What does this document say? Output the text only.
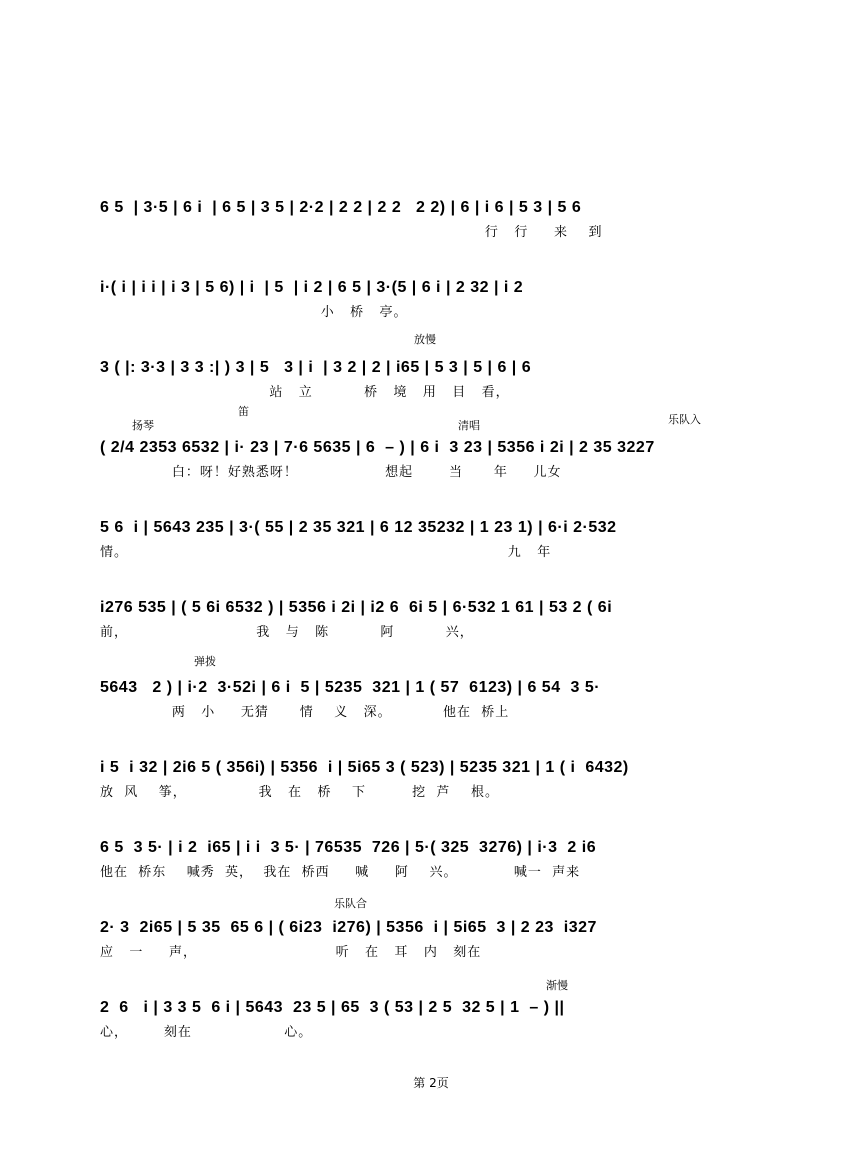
6 5  | 3·5 | 6 i  | 6 5 | 3 5 | 2·2 | 2 2 | 2 2   2 2) | 6 | i 6 | 5 3 | 5 6
行   行     来    到
i·( i | i i | i 3 | 5 6) | i  | 5  | i 2 | 6 5 | 3·(5 | 6 i | 2 32 | i 2
小   桥   亭。
放慢
3 ( |: 3·3 | 3 3 :| ) 3 | 5   3 | i  | 3 2 | 2 | i65 | 5 3 | 5 | 6 | 6
站   立          桥   境   用   目   看，
扬琴
笛
清唱	乐队入
( 2/4 2353 6532 | i· 23 | 7·6 5635 | 6  – ) | 6 i  3 23 | 5356 i 2i | 2 35 3227
白：呀！好熟悉呀！                 想起       当      年     儿女
5 6  i | 5643 235 | 3·( 55 | 2 35 321 | 6 12 35232 | 1 23 1) | 6·i 2·532
情。                                                                          九   年
i276 535 | ( 5 6i 6532 ) | 5356 i 2i | i2 6  6i 5 | 6·532 1 61 | 53 2 ( 6i
前，                         我   与   陈          阿          兴，
弹拨
5643   2 ) | i·2  3·52i | 6 i  5 | 5235  321 | 1 ( 57  6123) | 6 54  3 5·
两   小     无猜      情    义   深。          他在  桥上
i 5  i 32 | 2i6 5 ( 356i) | 5356  i | 5i65 3 ( 523) | 5235 321 | 1 ( i  6432)
放  风    筝，              我   在   桥    下         挖  芦    根。
6 5  3 5· | i 2  i65 | i i  3 5· | 76535  726 | 5·( 325  3276) | i·3  2 i6
他在  桥东    喊秀  英，  我在  桥西     喊     阿    兴。           喊一  声来
乐队合
2· 3  2i65 | 5 35  65 6 | ( 6i23  i276) | 5356  i | 5i65  3 | 2 23  i327
应   一     声，                           听   在   耳   内   刻在
渐慢
2  6   i | 3 3 5  6 i | 5643  23 5 | 65  3 ( 53 | 2 5  32 5 | 1  – ) ||
心，       刻在                  心。
第 2页
